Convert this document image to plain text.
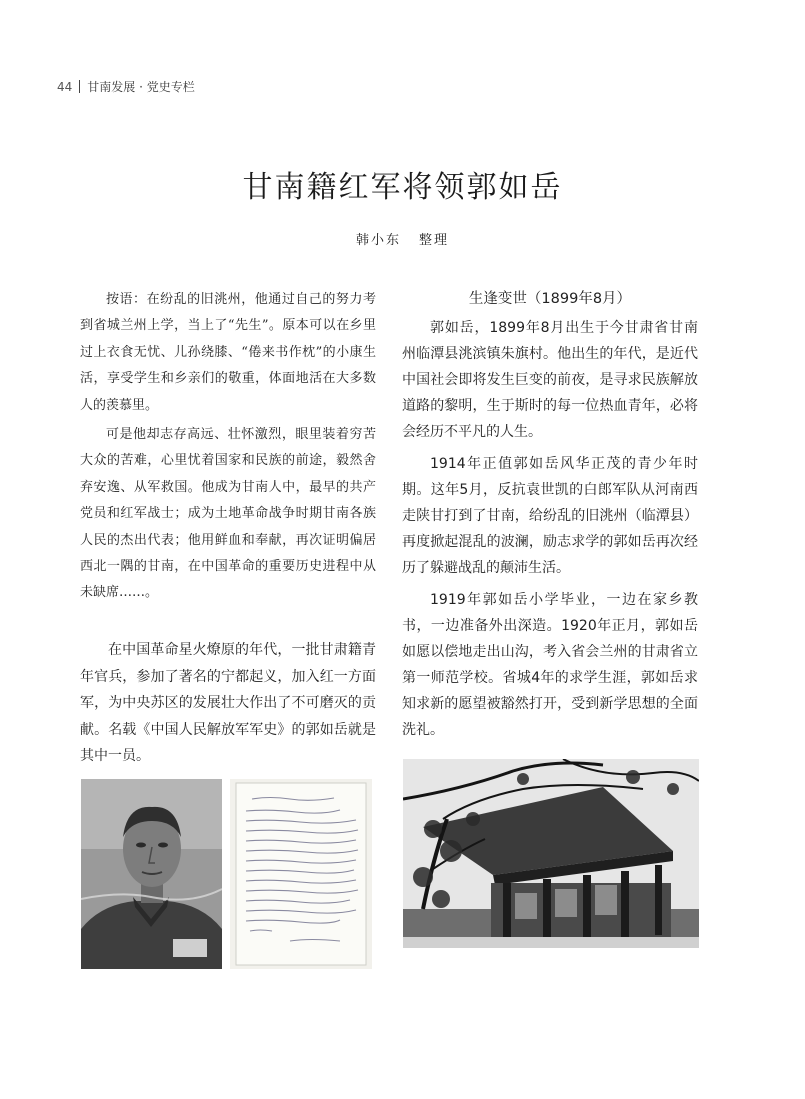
44 甘南发展 · 党史专栏
甘南籍红军将领郭如岳
韩小东 整理

按语：在纷乱的旧洮州，他通过自己的努力考到省城兰州上学，当上了“先生”。原本可以在乡里过上衣食无忧、儿孙绕膝、“倦来书作枕”的小康生活，享受学生和乡亲们的敬重，体面地活在大多数人的羡慕里。

可是他却志存高远、壮怀激烈，眼里装着穷苦大众的苦难，心里忧着国家和民族的前途，毅然舍弃安逸、从军救国。他成为甘南人中，最早的共产党员和红军战士；成为土地革命战争时期甘南各族人民的杰出代表；他用鲜血和奉献，再次证明偏居西北一隅的甘南，在中国革命的重要历史进程中从未缺席……。

在中国革命星火燎原的年代，一批甘肃籍青年官兵，参加了著名的宁都起义，加入红一方面军，为中央苏区的发展壮大作出了不可磨灭的贡献。名载《中国人民解放军军史》的郭如岳就是其中一员。

生逢变世（1899年8月）

郭如岳，1899年8月出生于今甘肃省甘南州临潭县洮滨镇朱旗村。他出生的年代，是近代中国社会即将发生巨变的前夜，是寻求民族解放道路的黎明，生于斯时的每一位热血青年，必将会经历不平凡的人生。

1914年正值郭如岳风华正茂的青少年时期。这年5月，反抗袁世凯的白郎军队从河南西走陕甘打到了甘南，给纷乱的旧洮州（临潭县）再度掀起混乱的波澜，励志求学的郭如岳再次经历了躲避战乱的颠沛生活。

1919年郭如岳小学毕业，一边在家乡教书，一边准备外出深造。1920年正月，郭如岳如愿以偿地走出山沟，考入省会兰州的甘肃省立第一师范学校。省城4年的求学生涯，郭如岳求知求新的愿望被豁然打开，受到新学思想的全面洗礼。
